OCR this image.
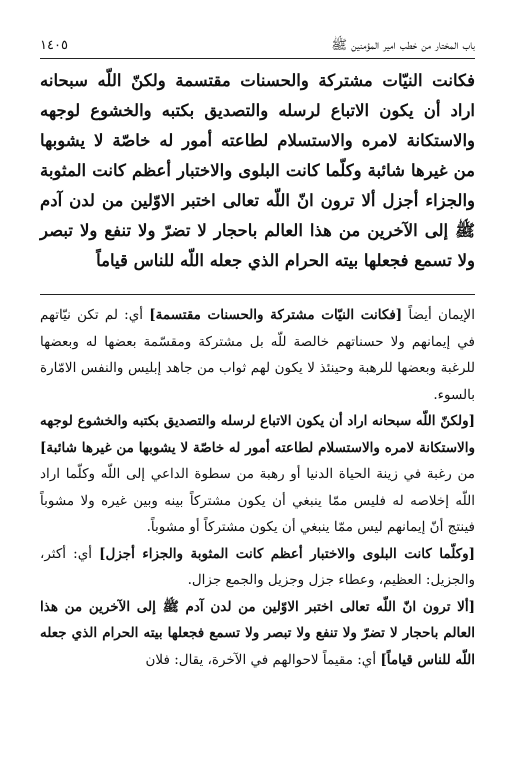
١٤٠٥	باب المختار من خطب امير المؤمنين ﷺ

فكانت النيّات مشتركة والحسنات مقتسمة ولكنّ اللّه سبحانه اراد أن يكون الاتباع لرسله والتصديق بكتبه والخشوع لوجهه والاستكانة لامره والاستسلام لطاعته أمور له خاصّة لا يشوبها من غيرها شائبة وكلّما كانت البلوى والاختبار أعظم كانت المثوبة والجزاء أجزل ألا ترون انّ اللّه تعالى اختبر الاوّلين من لدن آدم ﷺ إلى الآخرين من هذا العالم باحجار لا تضرّ ولا تنفع ولا تبصر ولا تسمع فجعلها بيته الحرام الذي جعله اللّه للناس قياماً

الإيمان أيضاً [فكانت النيّات مشتركة والحسنات مقتسمة] أي: لم تكن نيّاتهم في إيمانهم ولا حسناتهم خالصة للّه بل مشتركة ومقسّمة بعضها له وبعضها للرغبة وبعضها للرهبة وحينئذ لا يكون لهم ثواب من جاهد إبليس والنفس الامّارة بالسوء.

[ولكنّ اللّه سبحانه اراد أن يكون الاتباع لرسله والتصديق بكتبه والخشوع لوجهه والاستكانة لامره والاستسلام لطاعته أمور له خاصّة لا يشوبها من غيرها شائبة] من رغبة في زينة الحياة الدنيا أو رهبة من سطوة الداعي إلى اللّه وكلّما اراد اللّه إخلاصه له فليس ممّا ينبغي أن يكون مشتركاً بينه وبين غيره ولا مشوباً فينتج أنّ إيمانهم ليس ممّا ينبغي أن يكون مشتركاً أو مشوباً.

[وكلّما كانت البلوى والاختبار أعظم كانت المثوبة والجزاء أجزل] أي: أكثر، والجزيل: العظيم، وعطاء جزل وجزيل والجمع جزال.

[ألا ترون انّ اللّه تعالى اختبر الاوّلين من لدن آدم ﷺ إلى الآخرين من هذا العالم باحجار لا تضرّ ولا تنفع ولا تبصر ولا تسمع فجعلها بيته الحرام الذي جعله اللّه للناس قياماً] أي: مقيماً لاحوالهم في الآخرة، يقال: فلان
